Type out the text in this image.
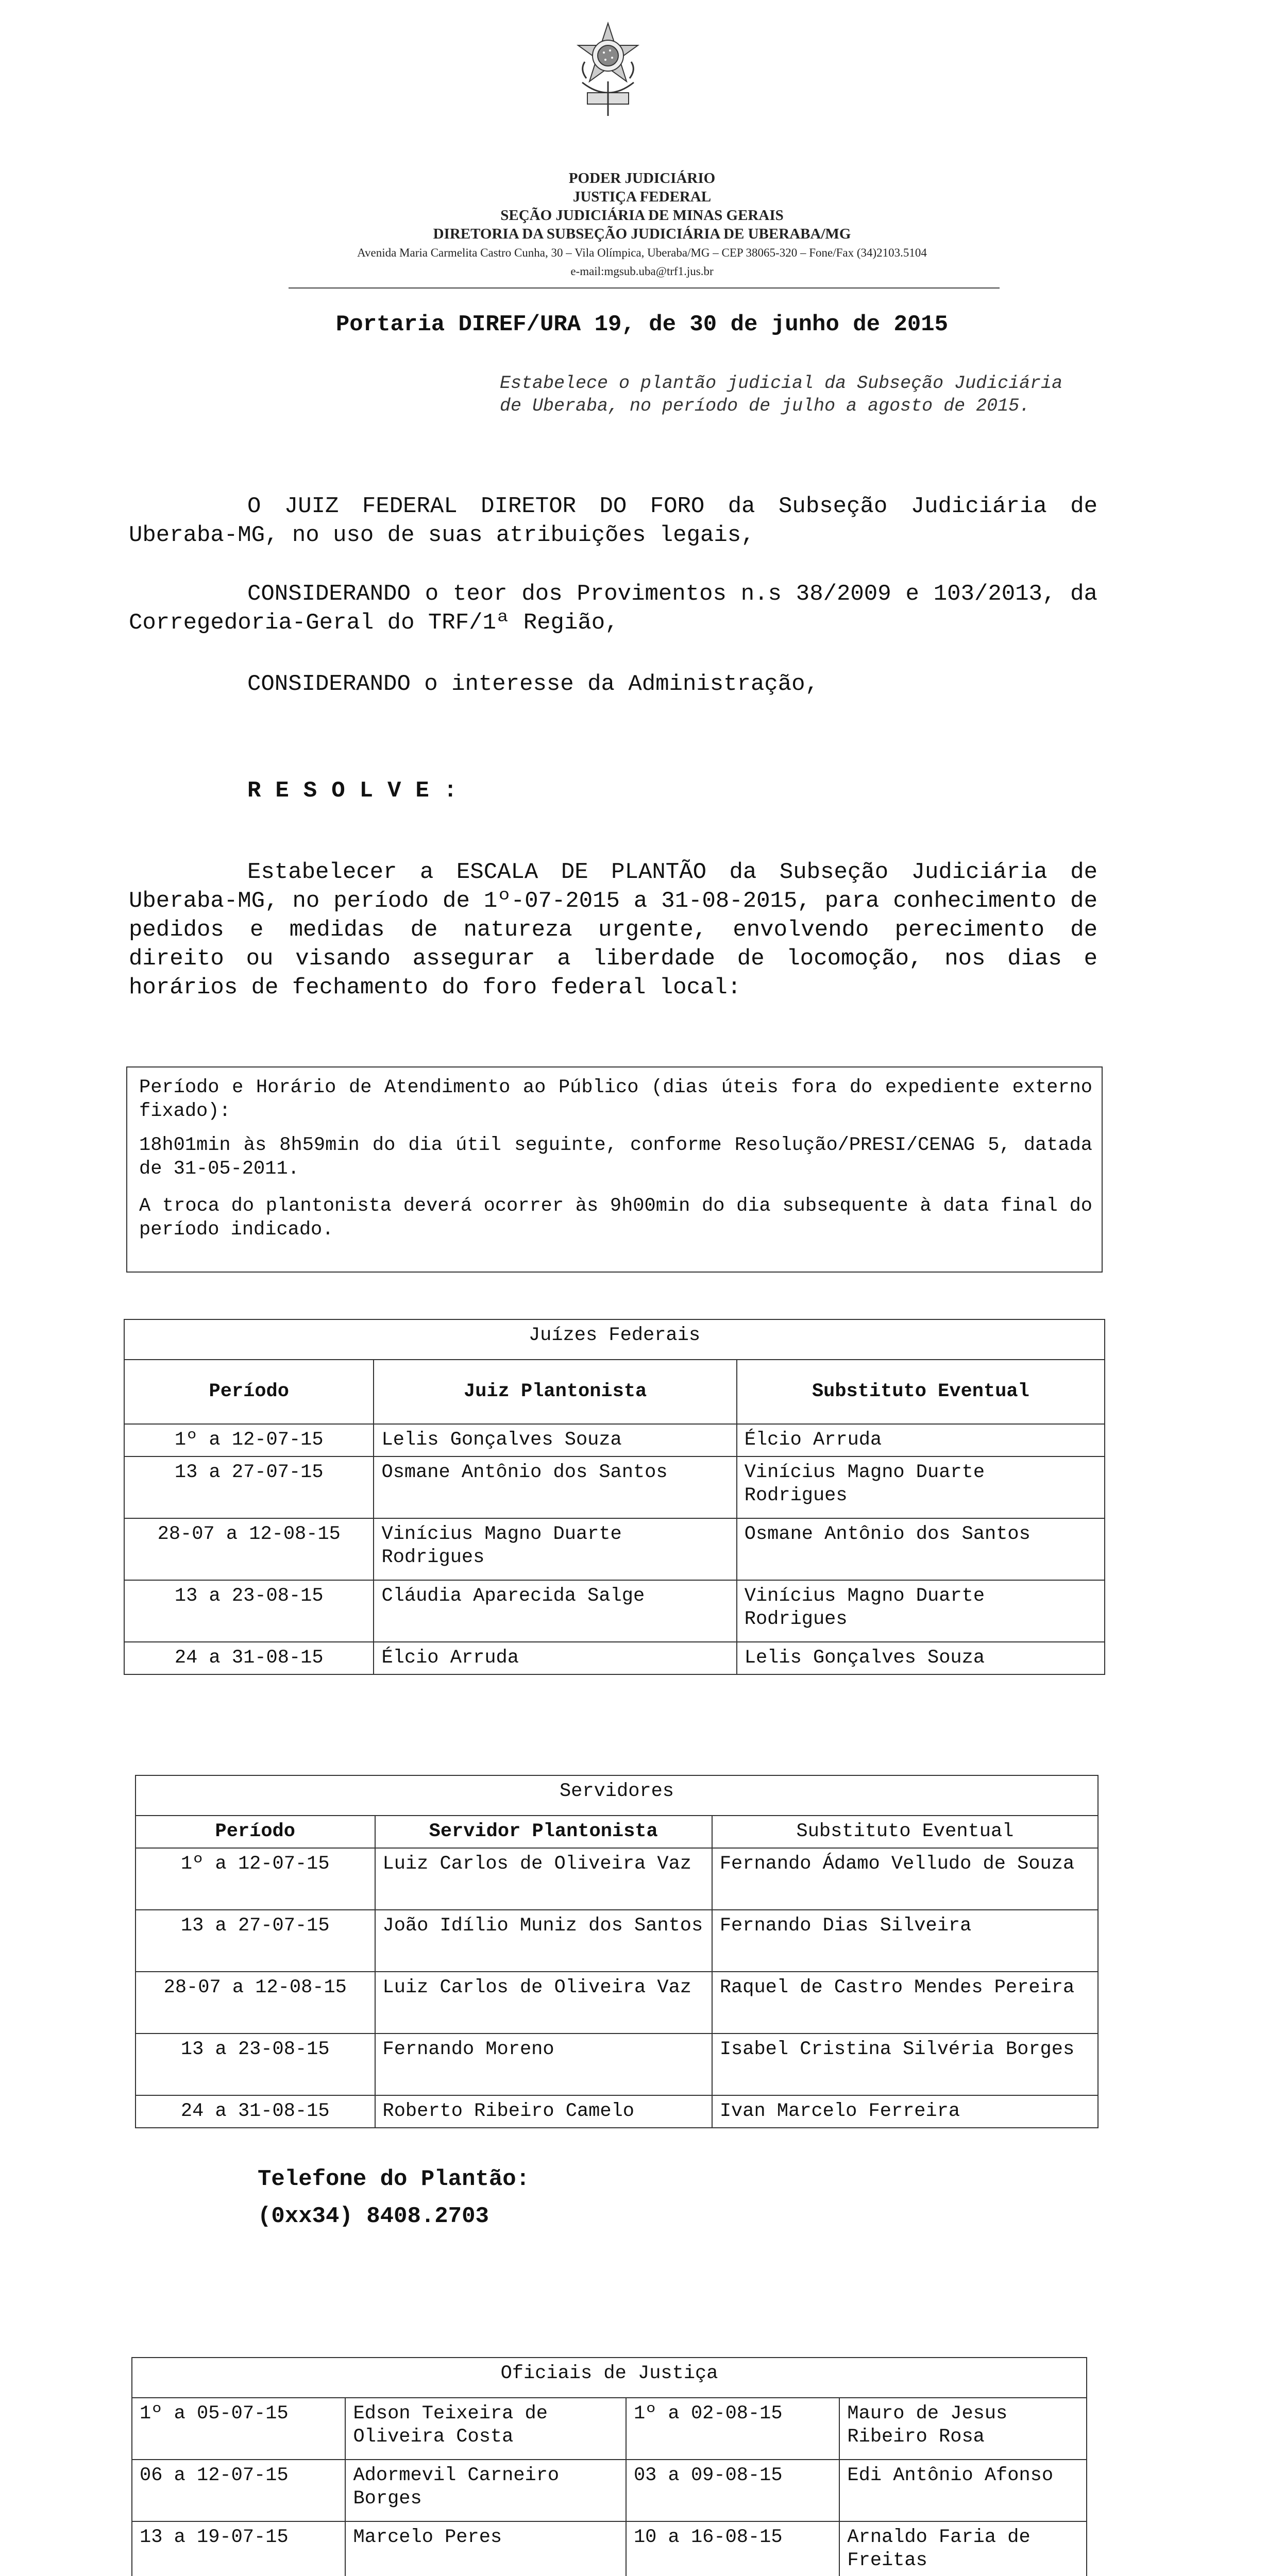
PODER JUDICIÁRIO
JUSTIÇA FEDERAL
SEÇÃO JUDICIÁRIA DE MINAS GERAIS
DIRETORIA DA SUBSEÇÃO JUDICIÁRIA DE UBERABA/MG
Avenida Maria Carmelita Castro Cunha, 30 – Vila Olímpica, Uberaba/MG – CEP 38065-320 – Fone/Fax (34)2103.5104
e-mail:mgsub.uba@trf1.jus.br
Portaria DIREF/URA 19, de 30 de junho de 2015
Estabelece o plantão judicial da Subseção Judiciária de Uberaba, no período de julho a agosto de 2015.
O JUIZ FEDERAL DIRETOR DO FORO da Subseção Judiciária de Uberaba-MG, no uso de suas atribuições legais,
CONSIDERANDO o teor dos Provimentos n.s 38/2009 e 103/2013, da Corregedoria-Geral do TRF/1ª Região,
CONSIDERANDO o interesse da Administração,
RESOLVE:
Estabelecer a ESCALA DE PLANTÃO da Subseção Judiciária de Uberaba-MG, no período de 1º-07-2015 a 31-08-2015, para conhecimento de pedidos e medidas de natureza urgente, envolvendo perecimento de direito ou visando assegurar a liberdade de locomoção, nos dias e horários de fechamento do foro federal local:
Período e Horário de Atendimento ao Público (dias úteis fora do expediente externo fixado):
18h01min às 8h59min do dia útil seguinte, conforme Resolução/PRESI/CENAG 5, datada de 31-05-2011.
A troca do plantonista deverá ocorrer às 9h00min do dia subsequente à data final do período indicado.
Juízes Federais		
Período	Juiz Plantonista	Substituto Eventual
1º a 12-07-15	Lelis Gonçalves Souza	Élcio Arruda
13 a 27-07-15	Osmane Antônio dos Santos	Vinícius Magno Duarte Rodrigues
28-07 a 12-08-15	Vinícius Magno Duarte Rodrigues	Osmane Antônio dos Santos
13 a 23-08-15	Cláudia Aparecida Salge	Vinícius Magno Duarte Rodrigues
24 a 31-08-15	Élcio Arruda	Lelis Gonçalves Souza
Servidores		
Período	Servidor Plantonista	Substituto Eventual
1º a 12-07-15	Luiz Carlos de Oliveira Vaz	Fernando Ádamo Velludo de Souza
13 a 27-07-15	João Idílio Muniz dos Santos	Fernando Dias Silveira
28-07 a 12-08-15	Luiz Carlos de Oliveira Vaz	Raquel de Castro Mendes Pereira
13 a 23-08-15	Fernando Moreno	Isabel Cristina Silvéria Borges
24 a 31-08-15	Roberto Ribeiro Camelo	Ivan Marcelo Ferreira
Telefone do Plantão:
(0xx34) 8408.2703
Oficiais de Justiça			
1º a 05-07-15	Edson Teixeira de Oliveira Costa	1º a 02-08-15	Mauro de Jesus Ribeiro Rosa
06 a 12-07-15	Adormevil Carneiro Borges	03 a 09-08-15	Edi Antônio Afonso
13 a 19-07-15	Marcelo Peres	10 a 16-08-15	Arnaldo Faria de Freitas
